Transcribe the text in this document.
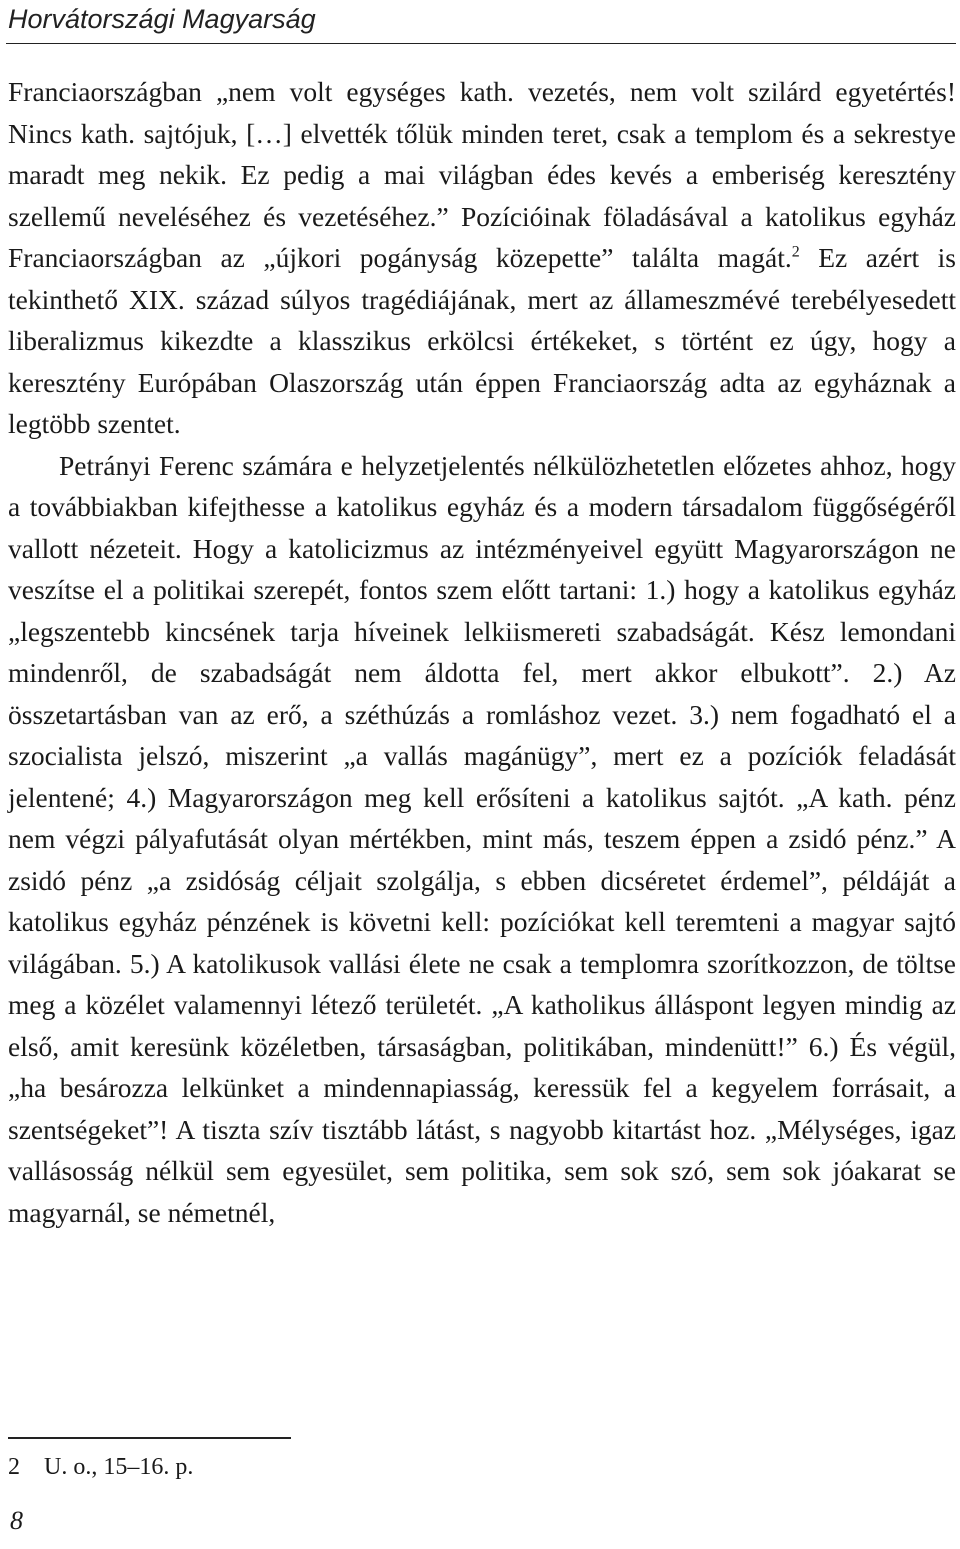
Horvátországi Magyarság

Franciaországban „nem volt egységes kath. vezetés, nem volt szilárd egyetértés! Nincs kath. sajtójuk, […] elvették tőlük minden teret, csak a templom és a sekrestye maradt meg nekik. Ez pedig a mai világban édes kevés a emberiség keresztény szellemű neveléséhez és vezetéséhez.” Pozícióinak föladásával a katolikus egyház Franciaországban az „újkori pogányság közepette” találta magát.$^2$ Ez azért is tekinthető XIX. század súlyos tragédiájának, mert az állameszmévé terebélyesedett liberalizmus kikezdte a klasszikus erkölcsi értékeket, s történt ez úgy, hogy a keresztény Európában Olaszország után éppen Franciaország adta az egyháznak a legtöbb szentet.

Petrányi Ferenc számára e helyzetjelentés nélkülözhetetlen előzetes ahhoz, hogy a továbbiakban kifejthesse a katolikus egyház és a modern társadalom függőségéről vallott nézeteit. Hogy a katolicizmus az intézményeivel együtt Magyarországon ne veszítse el a politikai szerepét, fontos szem előtt tartani: 1.) hogy a katolikus egyház „legszentebb kincsének tarja híveinek lelkiismereti szabadságát. Kész lemondani mindenről, de szabadságát nem áldotta fel, mert akkor elbukott”. 2.) Az összetartásban van az erő, a széthúzás a romláshoz vezet. 3.) nem fogadható el a szocialista jelszó, miszerint „a vallás magánügy”, mert ez a pozíciók feladását jelentené; 4.) Magyarországon meg kell erősíteni a katolikus sajtót. „A kath. pénz nem végzi pályafutását olyan mértékben, mint más, teszem éppen a zsidó pénz.” A zsidó pénz „a zsidóság céljait szolgálja, s ebben dicséretet érdemel”, példáját a katolikus egyház pénzének is követni kell: pozíciókat kell teremteni a magyar sajtó világában. 5.) A katolikusok vallási élete ne csak a templomra szorítkozzon, de töltse meg a közélet valamennyi létező területét. „A katholikus álláspont legyen mindig az első, amit keresünk közéletben, társaságban, politikában, mindenütt!” 6.) És végül, „ha besározza lelkünket a mindennapiasság, keressük fel a kegyelem forrásait, a szentségeket”! A tiszta szív tisztább látást, s nagyobb kitartást hoz. „Mélységes, igaz vallásosság nélkül sem egyesület, sem politika, sem sok szó, sem sok jóakarat se magyarnál, se németnél,

2 U. o., 15–16. p.
8
